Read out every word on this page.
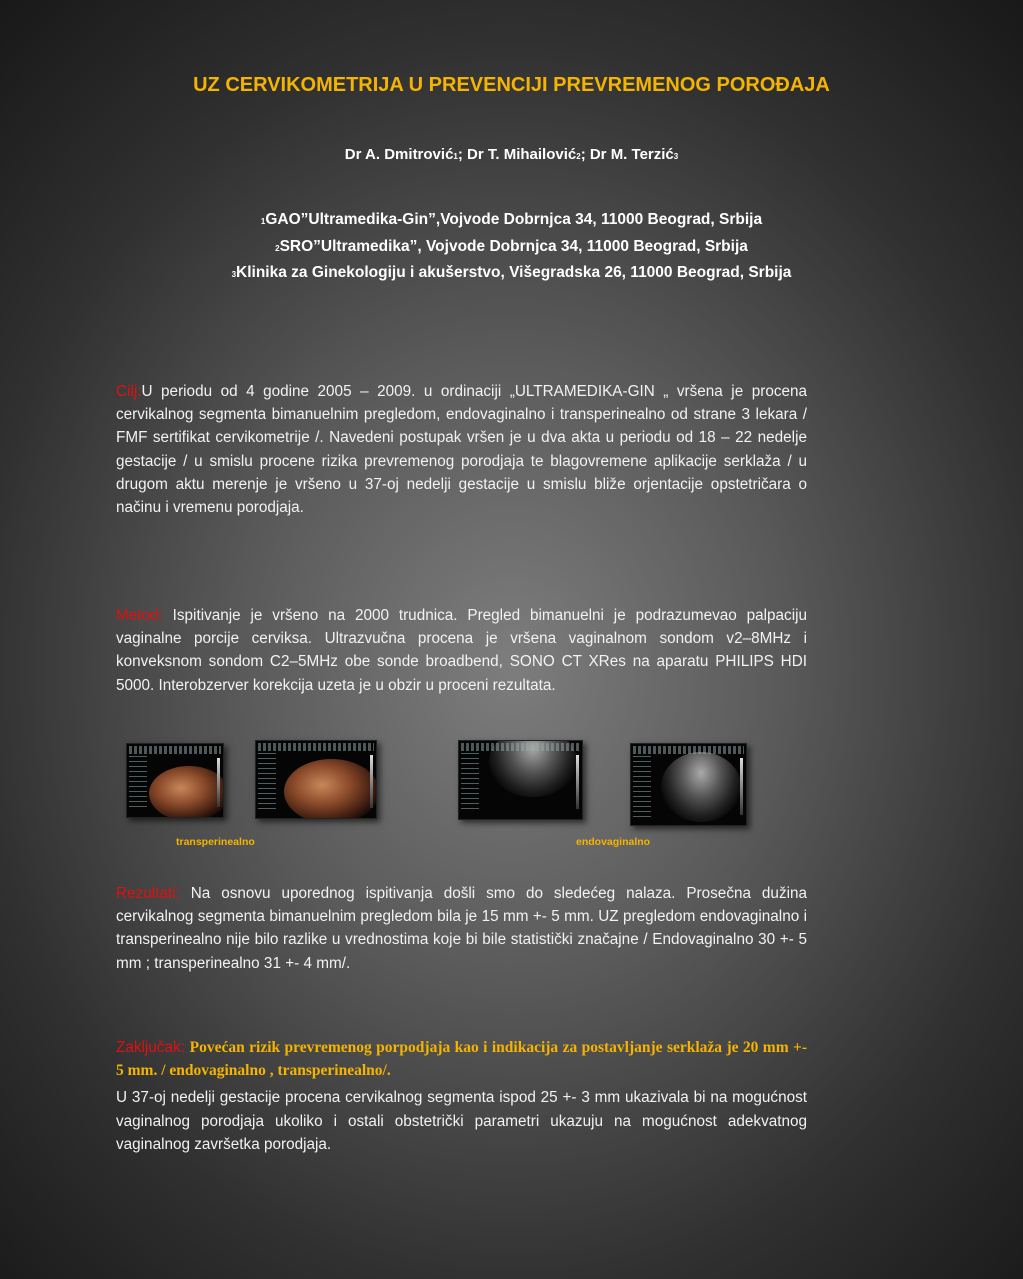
UZ CERVIKOMETRIJA U PREVENCIJI PREVREMENOG POROĐAJA
Dr A. Dmitrović1; Dr T. Mihailović2; Dr M. Terzić3
1GAO”Ultramedika-Gin”,Vojvode Dobrnjca 34, 11000 Beograd, Srbija
2SRO”Ultramedika”, Vojvode Dobrnjca 34, 11000 Beograd, Srbija
3Klinika za Ginekologiju i akušerstvo, Višegradska 26, 11000 Beograd, Srbija
Cilj:U periodu od 4 godine 2005 – 2009. u ordinaciji „ULTRAMEDIKA-GIN „ vršena je procena cervikalnog segmenta bimanuelnim pregledom, endovaginalno i transperinealno od strane 3 lekara / FMF sertifikat cervikometrije /. Navedeni postupak vršen je u dva akta u periodu od 18 – 22 nedelje gestacije / u smislu procene rizika prevremenog porodjaja te blagovremene aplikacije serklaža / u drugom aktu merenje je vršeno u 37-oj nedelji gestacije u smislu bliže orjentacije opstetričara o načinu i vremenu porodjaja.
Metod: Ispitivanje je vršeno na 2000 trudnica. Pregled bimanuelni je podrazumevao palpaciju vaginalne porcije cerviksa. Ultrazvučna procena je vršena vaginalnom sondom v2–8MHz i konveksnom sondom C2–5MHz obe sonde broadbend, SONO CT XRes na aparatu PHILIPS HDI 5000. Interobzerver korekcija uzeta je u obzir u proceni rezultata.
transperinealno	endovaginalno
Rezultati: Na osnovu uporednog ispitivanja došli smo do sledećeg nalaza. Prosečna dužina cervikalnog segmenta bimanuelnim pregledom bila je 15 mm +- 5 mm. UZ pregledom endovaginalno i transperinealno nije bilo razlike u vrednostima koje bi bile statistički značajne / Endovaginalno 30 +- 5 mm ; transperinealno 31 +- 4 mm/.
Zaključak: Povećan rizik prevremenog porpodjaja kao i indikacija za postavljanje serklaža je 20 mm +- 5 mm. / endovaginalno , transperinealno/.
U 37-oj nedelji gestacije procena cervikalnog segmenta ispod 25 +- 3 mm ukazivala bi na mogućnost vaginalnog porodjaja ukoliko i ostali obstetrički parametri ukazuju na mogućnost adekvatnog vaginalnog završetka porodjaja.
